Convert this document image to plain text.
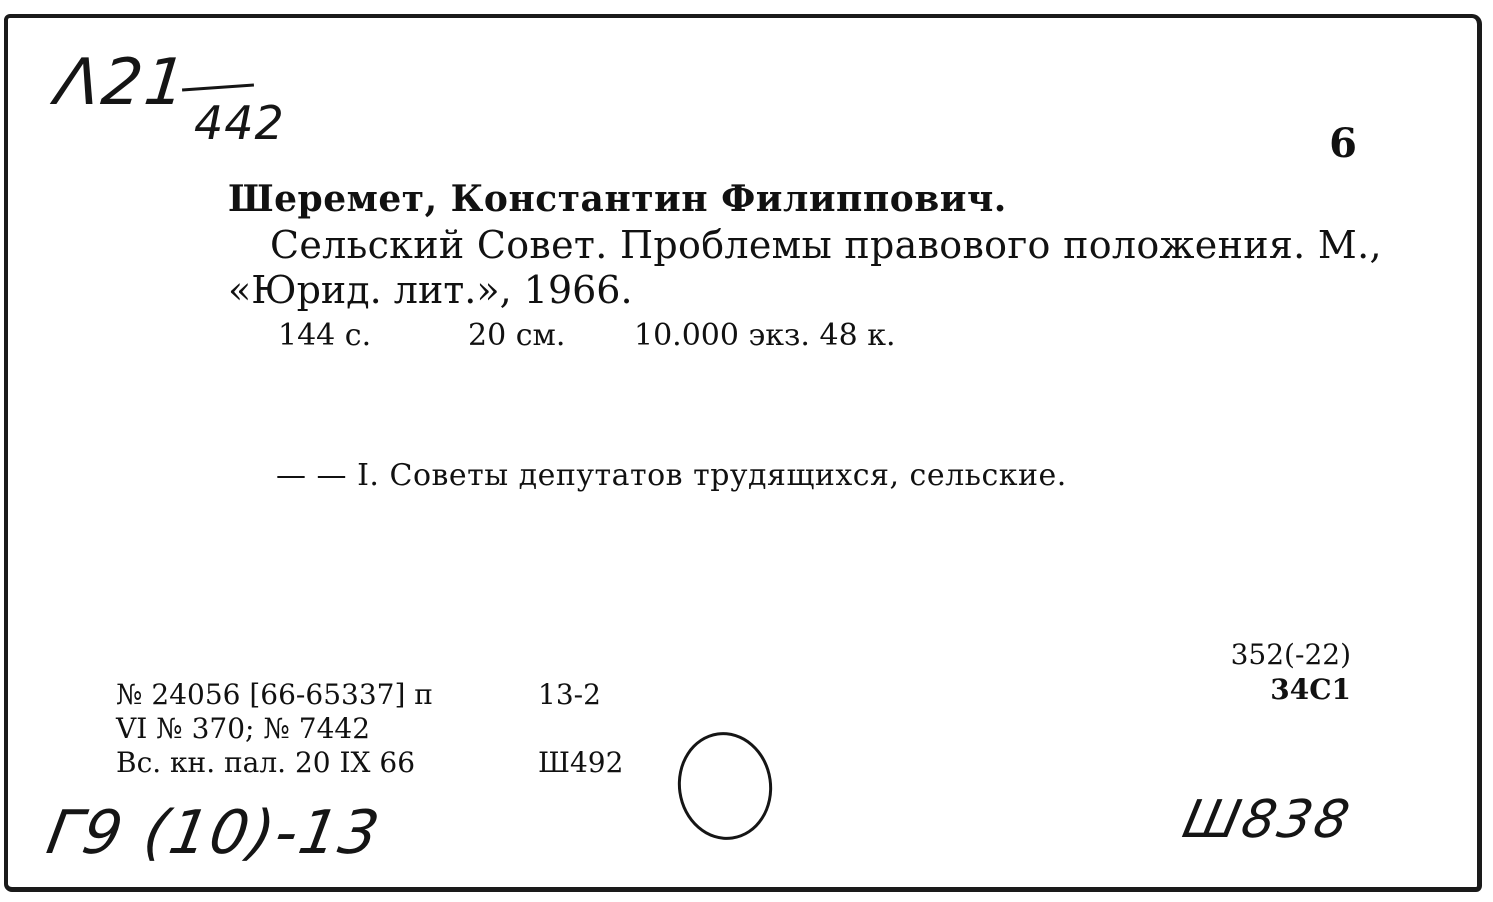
Λ21
442	6
Шеремет, Константин Филиппович.
Сельский Совет. Проблемы правового положения. М.,
«Юрид. лит.», 1966.
144 с.	20 см. 10.000 экз. 48 к.
— — I. Советы депутатов трудящихся, сельские.
352(-22)
34С1
№ 24056 [66-65337] п
VI № 370; № 7442
Вс. кн. пал. 20 IX 66
13-2
Ш492
Г9 (10)-13	Ш838
